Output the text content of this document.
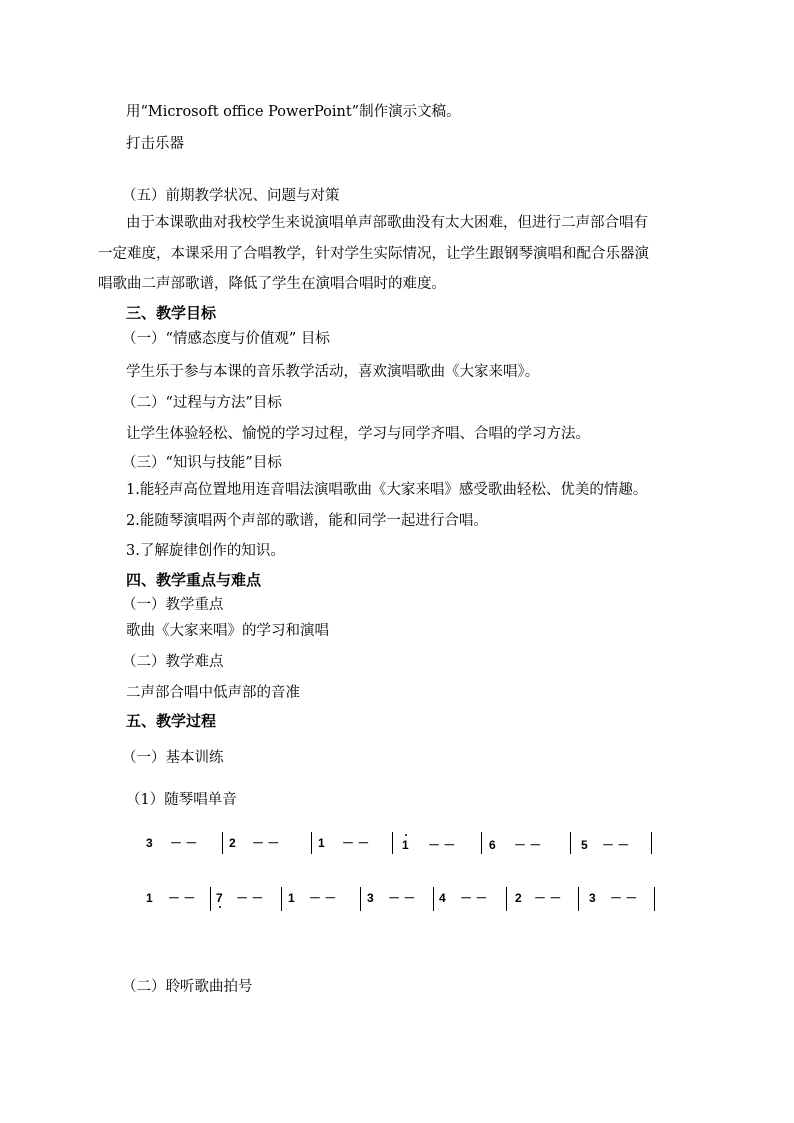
用“Microsoft office PowerPoint”制作演示文稿。
打击乐器
（五）前期教学状况、问题与对策
由于本课歌曲对我校学生来说演唱单声部歌曲没有太大困难，但进行二声部合唱有
一定难度，本课采用了合唱教学，针对学生实际情况，让学生跟钢琴演唱和配合乐器演
唱歌曲二声部歌谱，降低了学生在演唱合唱时的难度。
三、教学目标
（一）“情感态度与价值观” 目标
学生乐于参与本课的音乐教学活动，喜欢演唱歌曲《大家来唱》。
（二）“过程与方法”目标
让学生体验轻松、愉悦的学习过程，学习与同学齐唱、合唱的学习方法。
（三）“知识与技能”目标
1.能轻声高位置地用连音唱法演唱歌曲《大家来唱》感受歌曲轻松、优美的情趣。
2.能随琴演唱两个声部的歌谱，能和同学一起进行合唱。
3.了解旋律创作的知识。
四、教学重点与难点
（一）教学重点
歌曲《大家来唱》的学习和演唱
（二）教学难点
二声部合唱中低声部的音准
五、教学过程
（一）基本训练
（1）随琴唱单音
3 － －	2 － －	1 － －	1 － －	6 － －	5 － －
1 － － 7 － － 1 － －	3 － － 4 － － 2 － － 3 － －
（二）聆听歌曲拍号
